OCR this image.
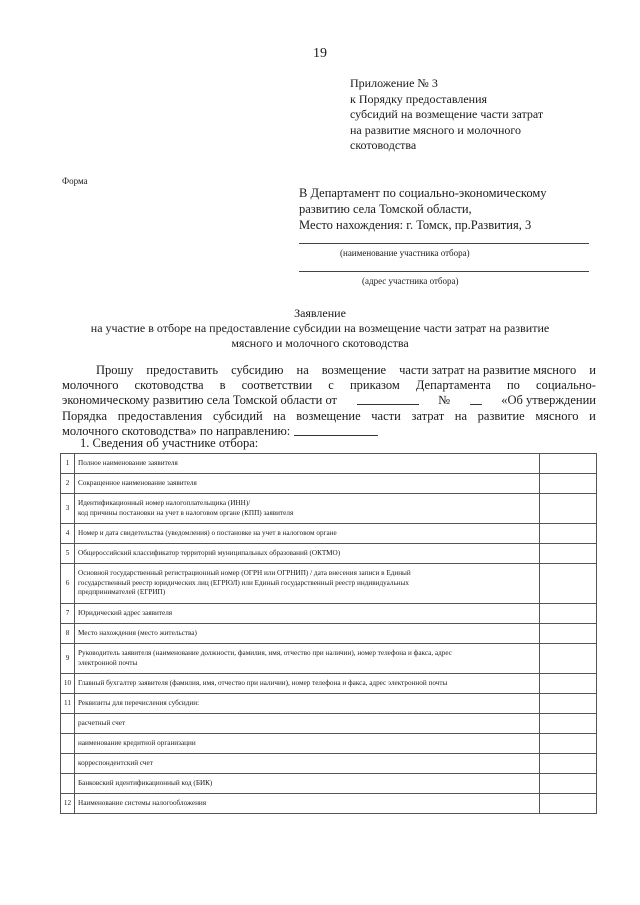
19
Приложение № 3
к Порядку предоставления
субсидий на возмещение части затрат
на развитие мясного и молочного
скотоводства
Форма
В Департамент по социально-экономическому
развитию села Томской области,
Место нахождения: г. Томск, пр.Развития, 3
(наименование участника отбора)
(адрес участника отбора)
Заявление
на участие в отборе на предоставление субсидии на возмещение части затрат на развитие
мясного и молочного скотоводства
Прошу предоставить субсидию на возмещение части затрат на развитие мясного и
молочного скотоводства в соответствии с приказом Департамента по социально-
экономическому развитию села Томской области от	№	«Об утверждении
Порядка предоставления субсидий на возмещение части затрат на развитие мясного и
молочного скотоводства» по направлению:
1. Сведения об участнике отбора:
1	Полное наименование заявителя	

2	Сокращенное наименование заявителя	

3	Идентификационный номер налогоплательщика (ИНН)/
код причины постановки на учет в налоговом органе (КПП) заявителя	

4	Номер и дата свидетельства (уведомления) о постановке на учет в налоговом органе	

5	Общероссийский классификатор территорий муниципальных образований (ОКТМО)	

6	Основной государственный регистрационный номер (ОГРН или ОГРНИП) / дата внесения записи в Единый
государственный реестр юридических лиц (ЕГРЮЛ) или Единый государственный реестр индивидуальных
предпринимателей (ЕГРИП)	

7	Юридический адрес заявителя	

8	Место нахождения (место жительства)	

9	Руководитель заявителя (наименование должности, фамилия, имя, отчество при наличии), номер телефона и факса, адрес
электронной почты	

10	Главный бухгалтер заявителя (фамилия, имя, отчество при наличии), номер телефона и факса, адрес электронной почты	

11	Реквизиты для перечисления субсидии:	

	расчетный счет	

	наименование кредитной организации	

	корреспондентский счет	

	Банковский идентификационный код (БИК)	

12	Наименование системы налогообложения	
